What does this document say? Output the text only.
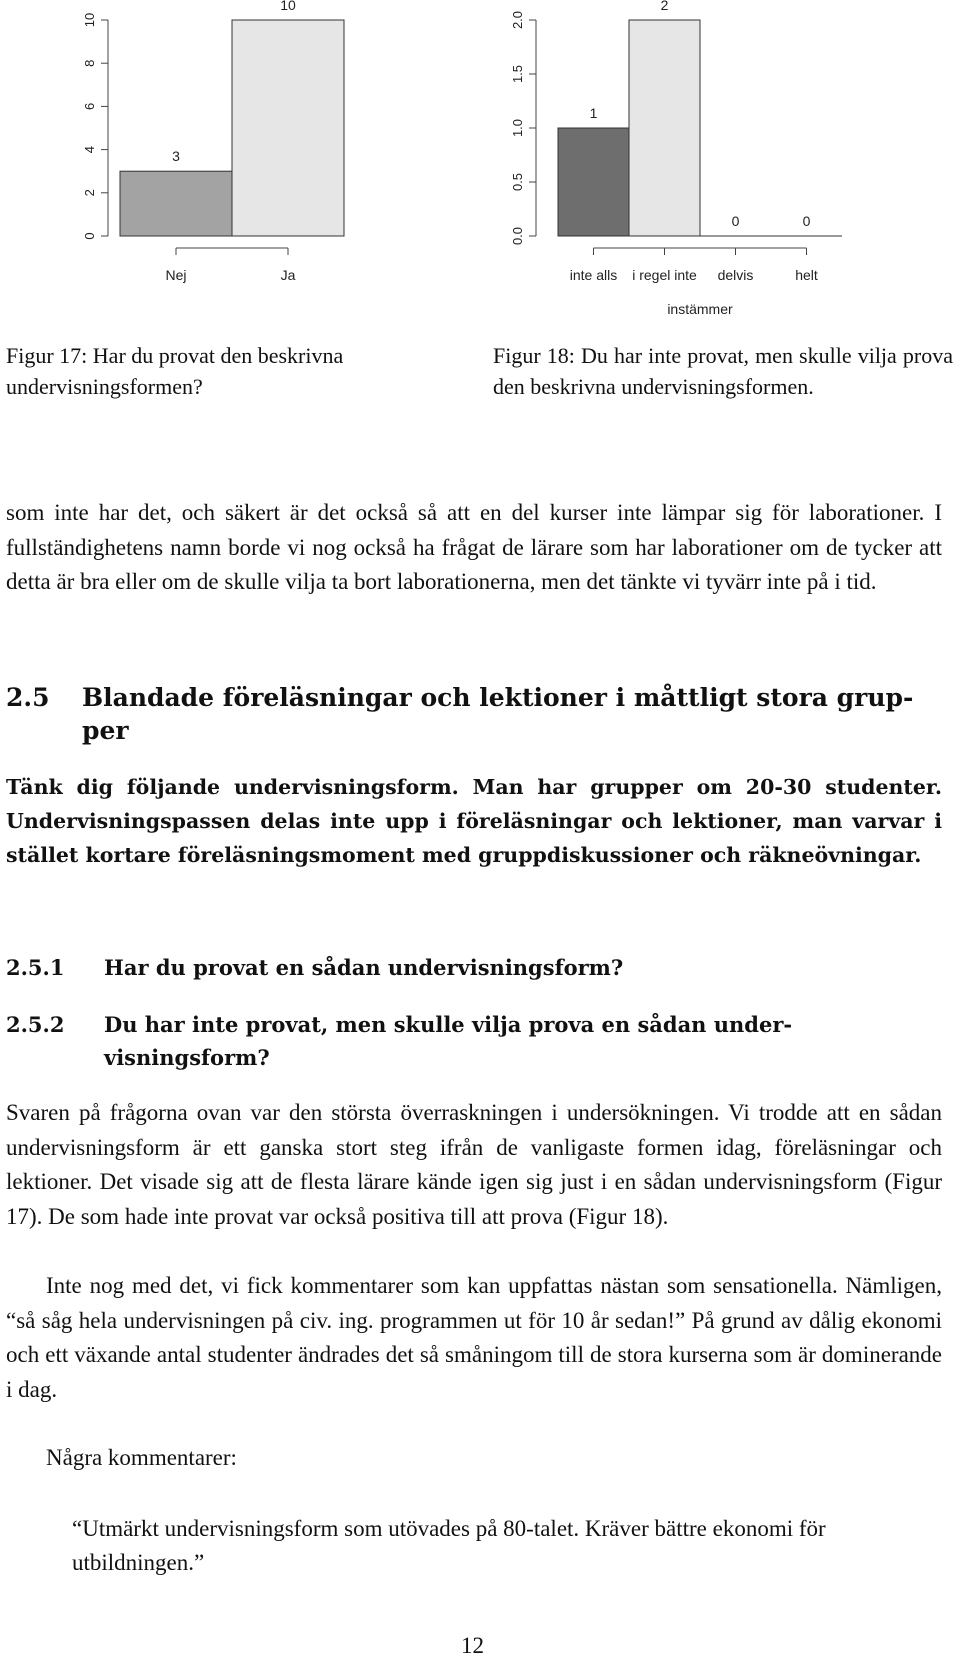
0
2
4
6
8
10
3
10
Nej	Ja
0.0
0.5
1.0
1.5
2.0
1
2
0	0
inte alls i regel inte delvis	helt
instämmer

Figur 17: Har du provat den beskrivna undervisningsformen?

Figur 18: Du har inte provat, men skulle vilja prova den beskrivna undervisningsformen.

som inte har det, och säkert är det också så att en del kurser inte lämpar sig för laborationer. I fullständighetens namn borde vi nog också ha frågat de lärare som har laborationer om de tycker att detta är bra eller om de skulle vilja ta bort laborationerna, men det tänkte vi tyvärr inte på i tid.

2.5 Blandade föreläsningar och lektioner i måttligt stora grup-
per

Tänk dig följande undervisningsform. Man har grupper om 20-30 studenter. Undervisningspassen delas inte upp i föreläsningar och lektioner, man varvar i stället kortare föreläsningsmoment med gruppdiskussioner och räkneövningar.

2.5.1 Har du provat en sådan undervisningsform?
2.5.2 Du har inte provat, men skulle vilja prova en sådan under-
visningsform?

Svaren på frågorna ovan var den största överraskningen i undersökningen. Vi trodde att en sådan undervisningsform är ett ganska stort steg ifrån de vanligaste formen idag, föreläsningar och lektioner. Det visade sig att de flesta lärare kände igen sig just i en sådan undervisningsform (Figur 17). De som hade inte provat var också positiva till att prova (Figur 18).

Inte nog med det, vi fick kommentarer som kan uppfattas nästan som sensationella. Nämligen, “så såg hela undervisningen på civ. ing. programmen ut för 10 år sedan!” På grund av dålig ekonomi och ett växande antal studenter ändrades det så småningom till de stora kurserna som är dominerande i dag.

Några kommentarer:

“Utmärkt undervisningsform som utövades på 80-talet. Kräver bättre ekonomi för utbildningen.”

12
